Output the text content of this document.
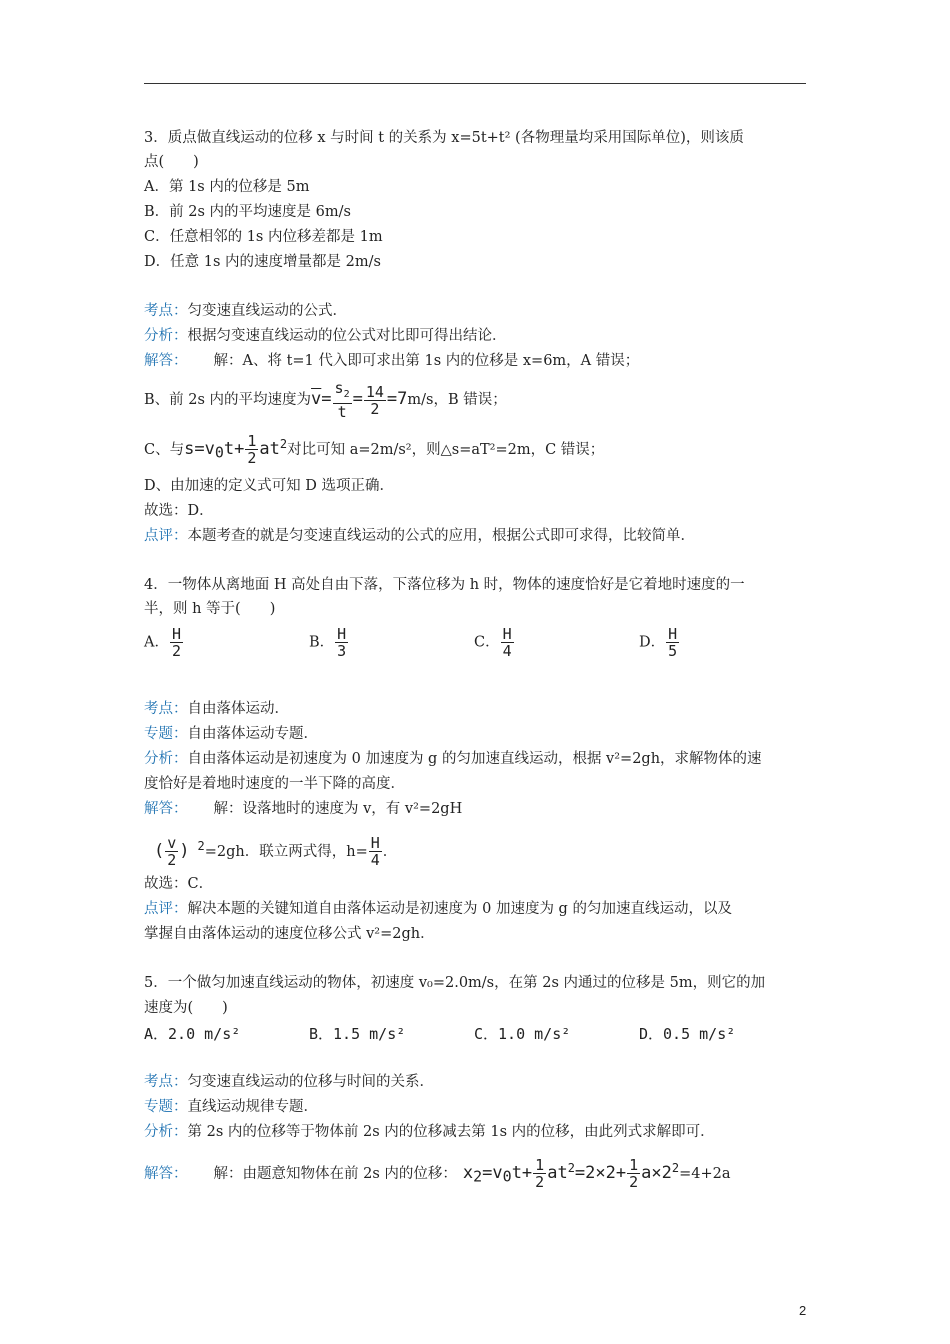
3．质点做直线运动的位移 x 与时间 t 的关系为 x=5t+t² (各物理量均采用国际单位)，则该质
点(　　)
A．第 1s 内的位移是 5m
B．前 2s 内的平均速度是 6m/s
C．任意相邻的 1s 内位移差都是 1m
D．任意 1s 内的速度增量都是 2m/s
考点：匀变速直线运动的公式．
分析：根据匀变速直线运动的位公式对比即可得出结论．
解答： 解：A、将 t=1 代入即可求出第 1s 内的位移是 x=6m，A 错误；
B、前 2s 内的平均速度为$\overline{v}= \frac{s_2}{t} = \frac{14}{2} =7m/s$，B 错误；
C、与$s=v_0t+ \frac{1}{2} at^2$对比可知 a=2m/s²，则△s=aT²=2m，C 错误；
D、由加速的定义式可知 D 选项正确．
故选：D．
点评：本题考查的就是匀变速直线运动的公式的应用，根据公式即可求得，比较简单．
4．一物体从离地面 H 高处自由下落，下落位移为 h 时，物体的速度恰好是它着地时速度的一
半，则 h 等于(　　)
A． $\frac{H}{2}$	B． $\frac{H}{3}$	C． $\frac{H}{4}$	D． $\frac{H}{5}$
考点：自由落体运动．
专题：自由落体运动专题．
分析：自由落体运动是初速度为 0 加速度为 g 的匀加速直线运动，根据 v²=2gh，求解物体的速
度恰好是着地时速度的一半下降的高度．
解答： 解：设落地时的速度为 v，有 v²=2gH
( $\frac{v}{2}$ ) $^2$=2gh．联立两式得，$h= \frac{H}{4}$ ．
故选：C．
点评：解决本题的关键知道自由落体运动是初速度为 0 加速度为 g 的匀加速直线运动，以及
掌握自由落体运动的速度位移公式 v²=2gh．
5．一个做匀加速直线运动的物体，初速度 v₀=2.0m/s，在第 2s 内通过的位移是 5m，则它的加
速度为(　　)
A．2.0 m/s²	B．1.5 m/s²	C．1.0 m/s²	D．0.5 m/s²
考点：匀变速直线运动的位移与时间的关系．
专题：直线运动规律专题．
分析：第 2s 内的位移等于物体前 2s 内的位移减去第 1s 内的位移，由此列式求解即可．
解答： 解：由题意知物体在前 2s 内的位移： $x_2=v_0t+ \frac{1}{2} at^2=2\times 2+ \frac{1}{2} a\times 2^2=4+2a$
2
